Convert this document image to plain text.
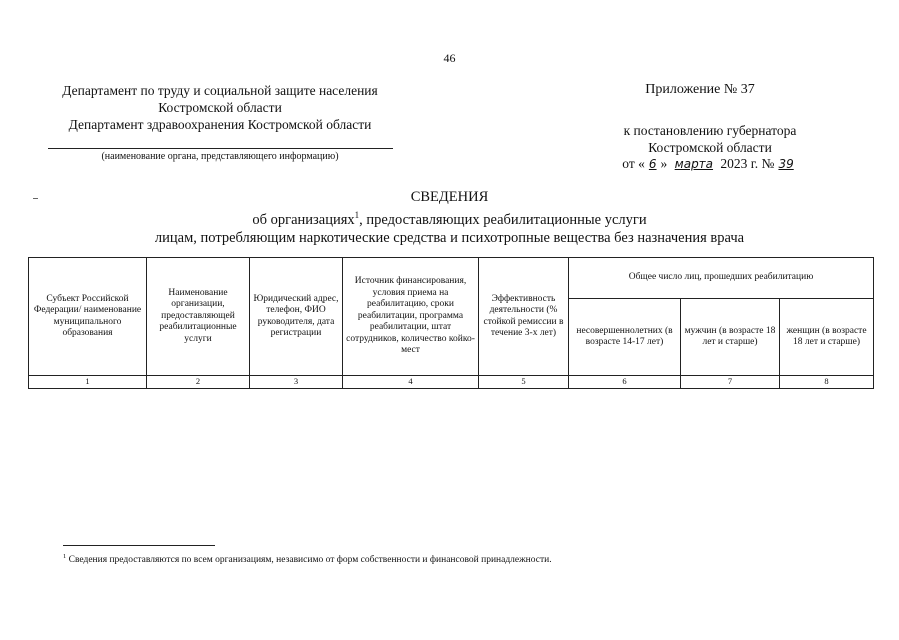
46
Департамент по труду и социальной защите населения
Костромской области
Департамент здравоохранения Костромской области
(наименование органа, представляющего информацию)
Приложение № 37
к постановлению губернатора
Костромской области
от « 6 » марта 2023 г. № 39
СВЕДЕНИЯ
об организациях$^1$, предоставляющих реабилитационные услуги
лицам, потребляющим наркотические средства и психотропные вещества без назначения врача
Субъект Российской Федерации/ наименование муниципального образования	Наименование организации, предоставляющей реабилитационные услуги	Юридический адрес, телефон, ФИО руководителя, дата регистрации	Источник финансирования, условия приема на реабилитацию, сроки реабилитации, программа реабилитации, штат сотрудников, количество койко-мест	Эффективность деятельности (% стойкой ремиссии в течение 3-х лет)	Общее число лиц, прошедших реабилитацию		
					несовершеннолетних (в возрасте 14-17 лет)	мужчин (в возрасте 18 лет и старше)	женщин (в возрасте 18 лет и старше)
1	2	3	4	5	6	7	8
$^1$ Сведения предоставляются по всем организациям, независимо от форм собственности и финансовой принадлежности.
